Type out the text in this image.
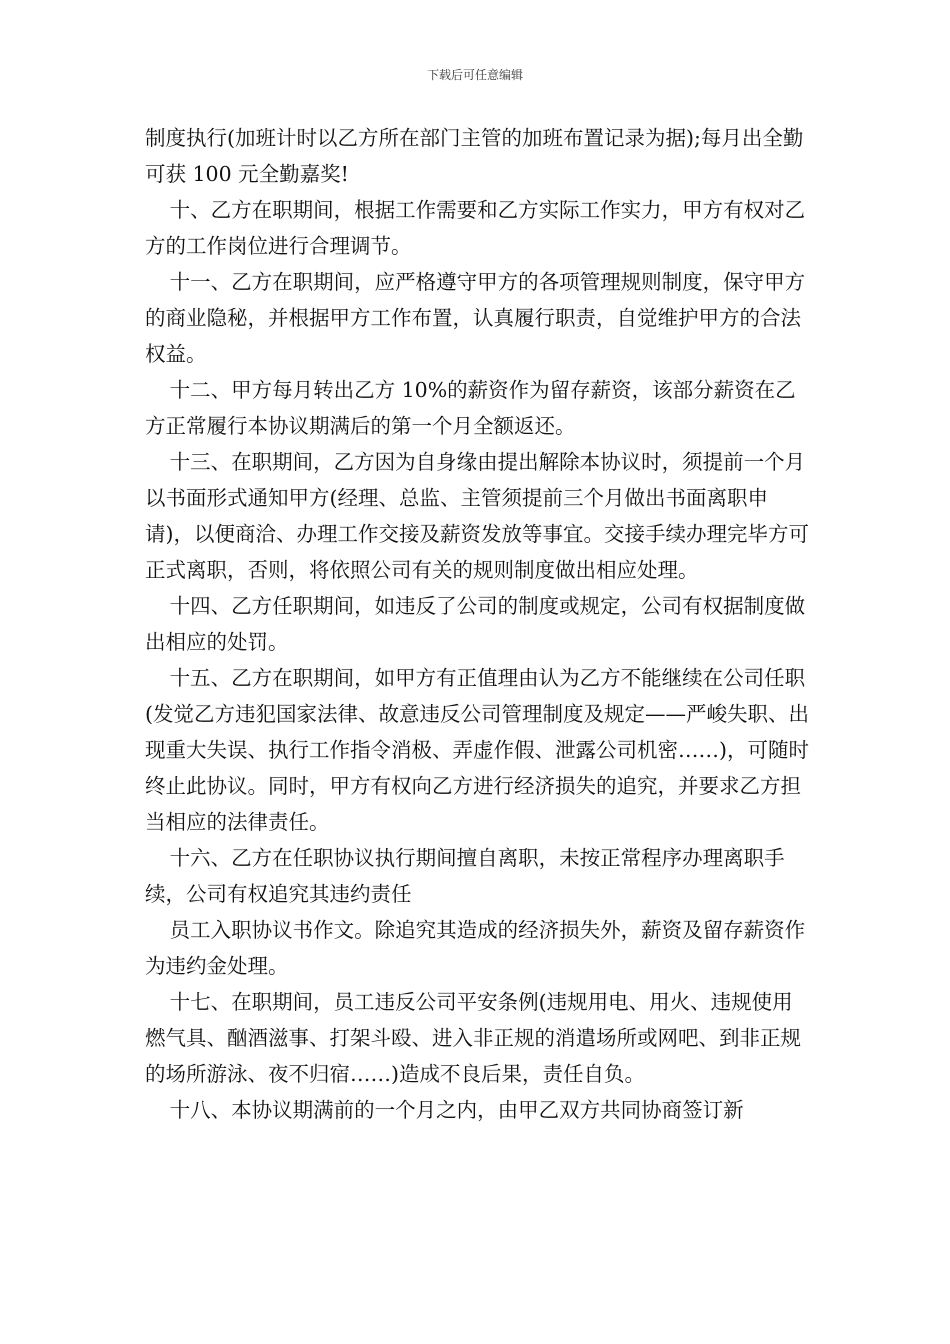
下载后可任意编辑

制度执行(加班计时以乙方所在部门主管的加班布置记录为据);每月出全勤可获 100 元全勤嘉奖!

十、乙方在职期间，根据工作需要和乙方实际工作实力，甲方有权对乙方的工作岗位进行合理调节。

十一、乙方在职期间，应严格遵守甲方的各项管理规则制度，保守甲方的商业隐秘，并根据甲方工作布置，认真履行职责，自觉维护甲方的合法权益。

十二、甲方每月转出乙方 10%的薪资作为留存薪资，该部分薪资在乙方正常履行本协议期满后的第一个月全额返还。

十三、在职期间，乙方因为自身缘由提出解除本协议时，须提前一个月以书面形式通知甲方(经理、总监、主管须提前三个月做出书面离职申请)，以便商洽、办理工作交接及薪资发放等事宜。交接手续办理完毕方可正式离职，否则，将依照公司有关的规则制度做出相应处理。

十四、乙方任职期间，如违反了公司的制度或规定，公司有权据制度做出相应的处罚。

十五、乙方在职期间，如甲方有正值理由认为乙方不能继续在公司任职(发觉乙方违犯国家法律、故意违反公司管理制度及规定——严峻失职、出现重大失误、执行工作指令消极、弄虚作假、泄露公司机密……)，可随时终止此协议。同时，甲方有权向乙方进行经济损失的追究，并要求乙方担当相应的法律责任。

十六、乙方在任职协议执行期间擅自离职，未按正常程序办理离职手续，公司有权追究其违约责任

员工入职协议书作文。除追究其造成的经济损失外，薪资及留存薪资作为违约金处理。

十七、在职期间，员工违反公司平安条例(违规用电、用火、违规使用燃气具、酗酒滋事、打架斗殴、进入非正规的消遣场所或网吧、到非正规的场所游泳、夜不归宿……)造成不良后果，责任自负。

十八、本协议期满前的一个月之内，由甲乙双方共同协商签订新
